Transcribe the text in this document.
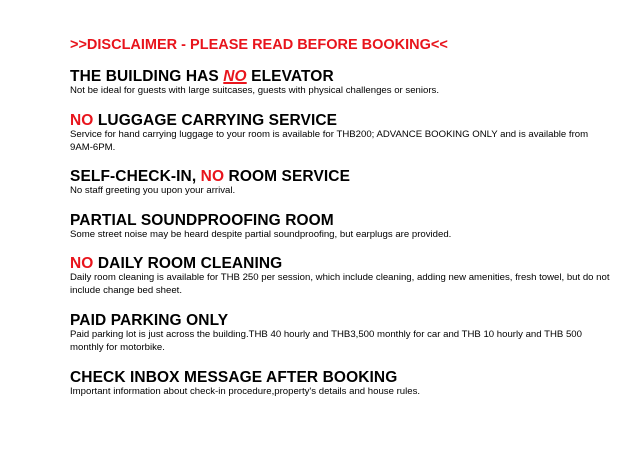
>>DISCLAIMER - PLEASE READ BEFORE BOOKING<<
THE BUILDING HAS NO ELEVATOR
Not be ideal for guests with large suitcases, guests with physical challenges or seniors.
NO LUGGAGE CARRYING SERVICE
Service for hand carrying luggage to your room is available for THB200; ADVANCE BOOKING ONLY and is available from 9AM-6PM.
SELF-CHECK-IN, NO ROOM SERVICE
No staff greeting you upon your arrival.
PARTIAL SOUNDPROOFING ROOM
Some street noise may be heard despite partial soundproofing, but earplugs are provided.
NO DAILY ROOM CLEANING
Daily room cleaning is available for THB 250 per session, which include cleaning, adding new amenities, fresh towel, but do not include change bed sheet.
PAID PARKING ONLY
Paid parking lot is just across the building.THB 40 hourly and THB3,500 monthly for car and THB 10 hourly and THB 500 monthly for motorbike.
CHECK INBOX MESSAGE AFTER BOOKING
Important information about check-in procedure,property's details and house rules.
